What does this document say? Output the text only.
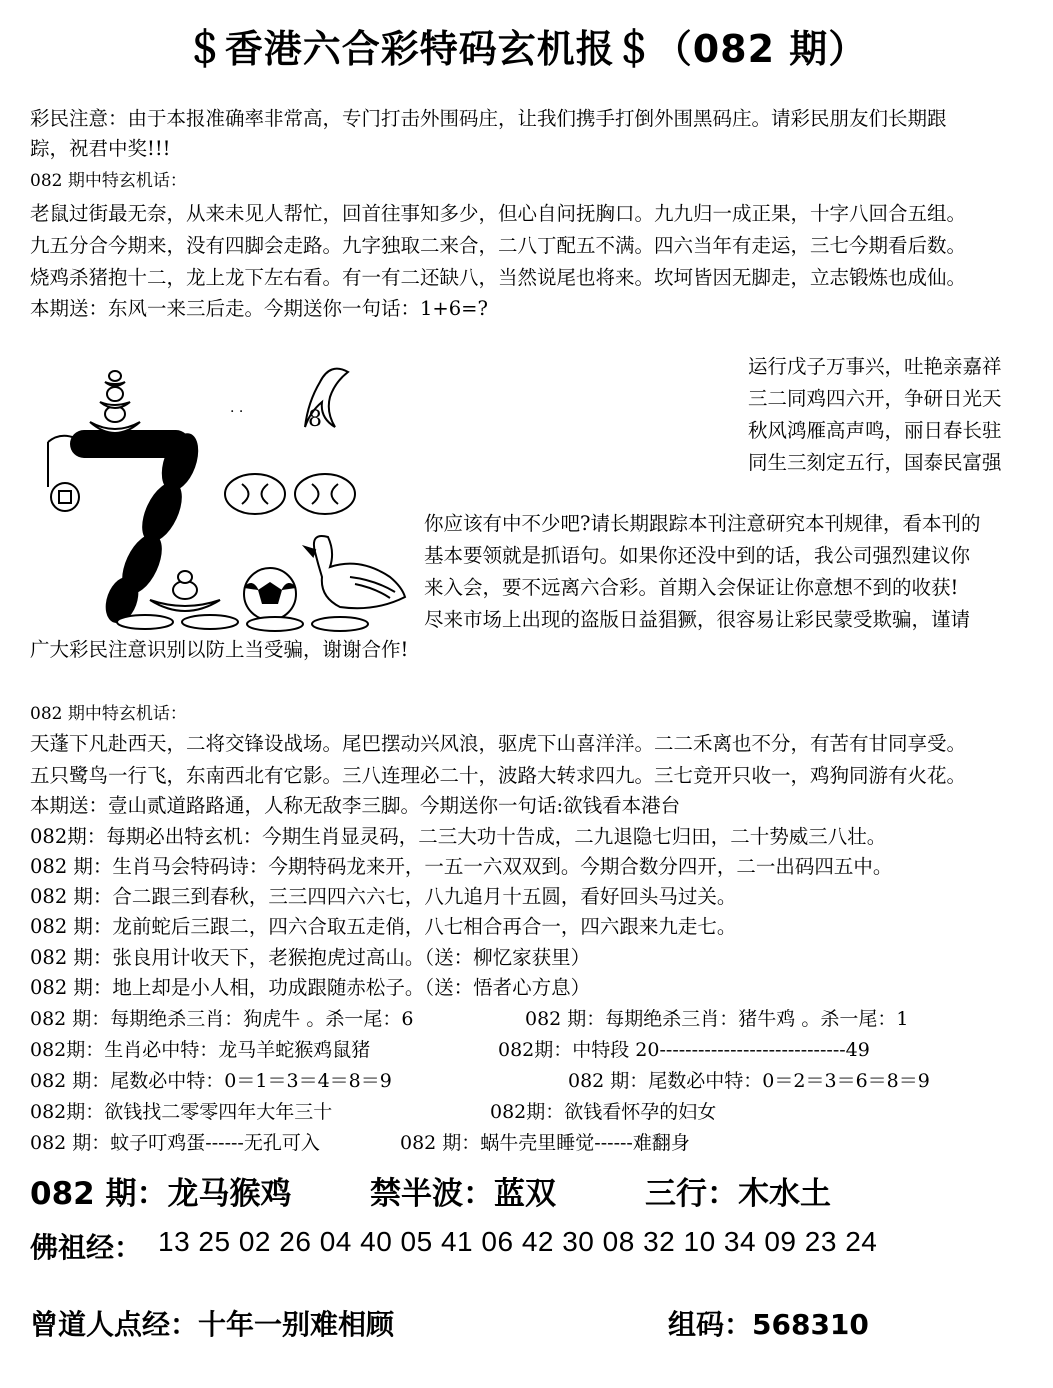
＄香港六合彩特码玄机报＄（082 期）
彩民注意：由于本报准确率非常高，专门打击外围码庄，让我们携手打倒外围黑码庄。请彩民朋友们长期跟
踪，祝君中奖!!!
082 期中特玄机话：
老鼠过街最无奈，从来未见人帮忙，回首往事知多少，但心自问抚胸口。九九归一成正果，十字八回合五组。
九五分合今期来，没有四脚会走路。九字独取二来合，二八丁配五不满。四六当年有走运，三七今期看后数。
烧鸡杀猪抱十二，龙上龙下左右看。有一有二还缺八，当然说尾也将来。坎坷皆因无脚走，立志锻炼也成仙。
本期送：东风一来三后走。今期送你一句话：1+6=?
8
· ·
运行戊子万事兴，吐艳亲嘉祥
三二同鸡四六开，争研日光天
秋风鸿雁高声鸣，丽日春长驻
同生三刻定五行，国泰民富强
你应该有中不少吧?请长期跟踪本刊注意研究本刊规律，看本刊的
基本要领就是抓语句。如果你还没中到的话，我公司强烈建议你
来入会，要不远离六合彩。首期入会保证让你意想不到的收获!
尽来市场上出现的盗版日益猖獗，很容易让彩民蒙受欺骗，谨请
广大彩民注意识别以防上当受骗，谢谢合作!
082 期中特玄机话：
天蓬下凡赴西天，二将交锋设战场。尾巴摆动兴风浪，驱虎下山喜洋洋。二二禾离也不分，有苦有甘同享受。
五只鹭鸟一行飞，东南西北有它影。三八连理必二十，波路大转求四九。三七竞开只收一，鸡狗同游有火花。
本期送：壹山贰道路路通，人称无敌李三脚。今期送你一句话:欲钱看本港台
082期：每期必出特玄机：今期生肖显灵码，二三大功十告成，二九退隐七归田，二十势威三八壮。
082 期：生肖马会特码诗：今期特码龙来开，一五一六双双到。今期合数分四开，二一出码四五中。
082 期：合二跟三到春秋，三三四四六六七，八九追月十五圆，看好回头马过关。
082 期：龙前蛇后三跟二，四六合取五走俏，八七相合再合一，四六跟来九走七。
082 期：张良用计收天下，老猴抱虎过高山。（送：柳忆家获里）
082 期：地上却是小人相，功成跟随赤松子。（送：悟者心方息）
082 期：每期绝杀三肖：狗虎牛 。杀一尾：6	082 期：每期绝杀三肖：猪牛鸡 。杀一尾：1
082期：生肖必中特：龙马羊蛇猴鸡鼠猪	082期：中特段 20-----------------------------49
082 期：尾数必中特：0＝1＝3＝4＝8＝9	082 期：尾数必中特：0＝2＝3＝6＝8＝9
082期：欲钱找二零零四年大年三十	082期：欲钱看怀孕的妇女
082 期：蚊子叮鸡蛋------无孔可入	082 期：蜗牛壳里睡觉------难翻身
082 期：龙马猴鸡	禁半波：蓝双	三行：木水土
佛祖经： 13 25 02 26 04 40 05 41 06 42 30 08 32 10 34 09 23 24
曾道人点经：十年一别难相顾	组码：568310
